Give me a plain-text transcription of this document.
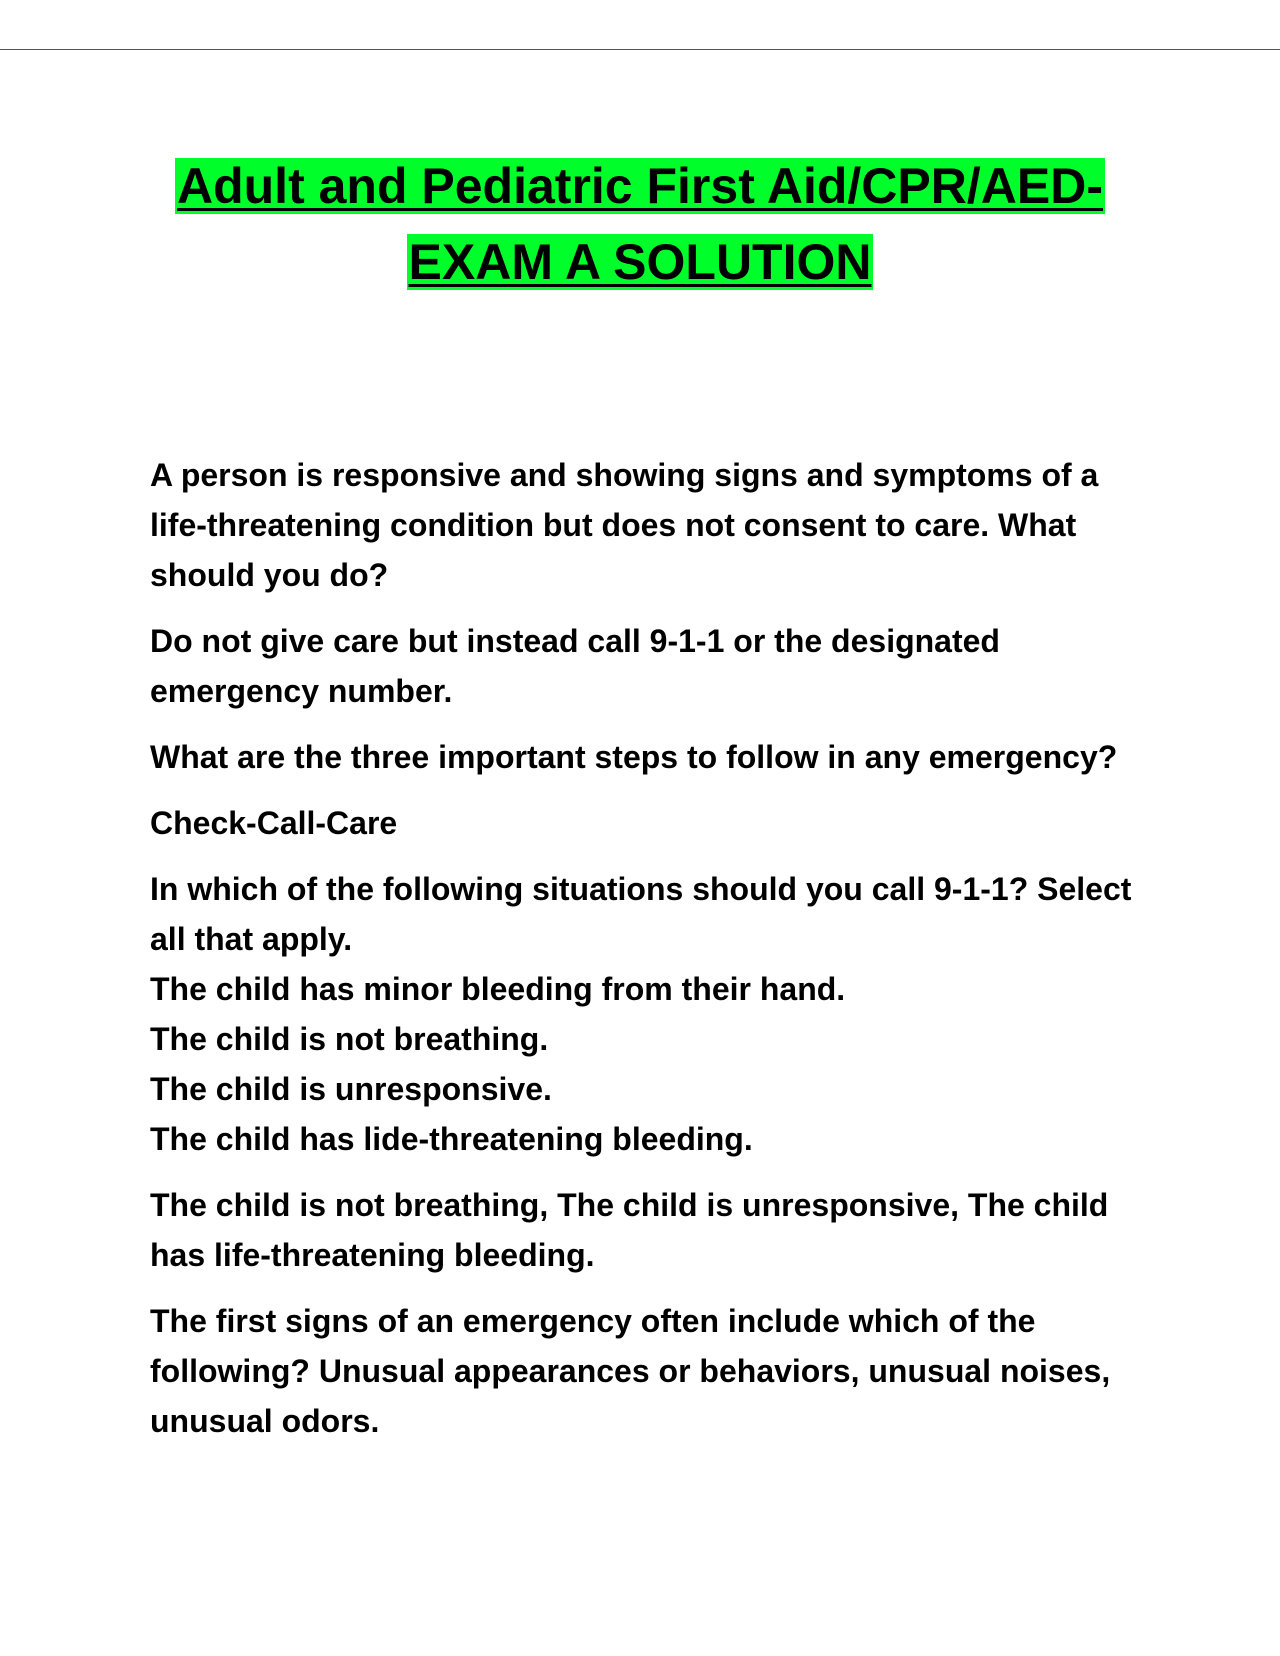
Adult and Pediatric First Aid/CPR/AED-
EXAM A SOLUTION

A person is responsive and showing signs and symptoms of a life-threatening condition but does not consent to care. What should you do?

Do not give care but instead call 9-1-1 or the designated emergency number.

What are the three important steps to follow in any emergency?

Check-Call-Care

In which of the following situations should you call 9-1-1? Select all that apply.

The child has minor bleeding from their hand.
The child is not breathing.
The child is unresponsive.
The child has lide-threatening bleeding.

The child is not breathing, The child is unresponsive, The child has life-threatening bleeding.

The first signs of an emergency often include which of the following? Unusual appearances or behaviors, unusual noises, unusual odors.
